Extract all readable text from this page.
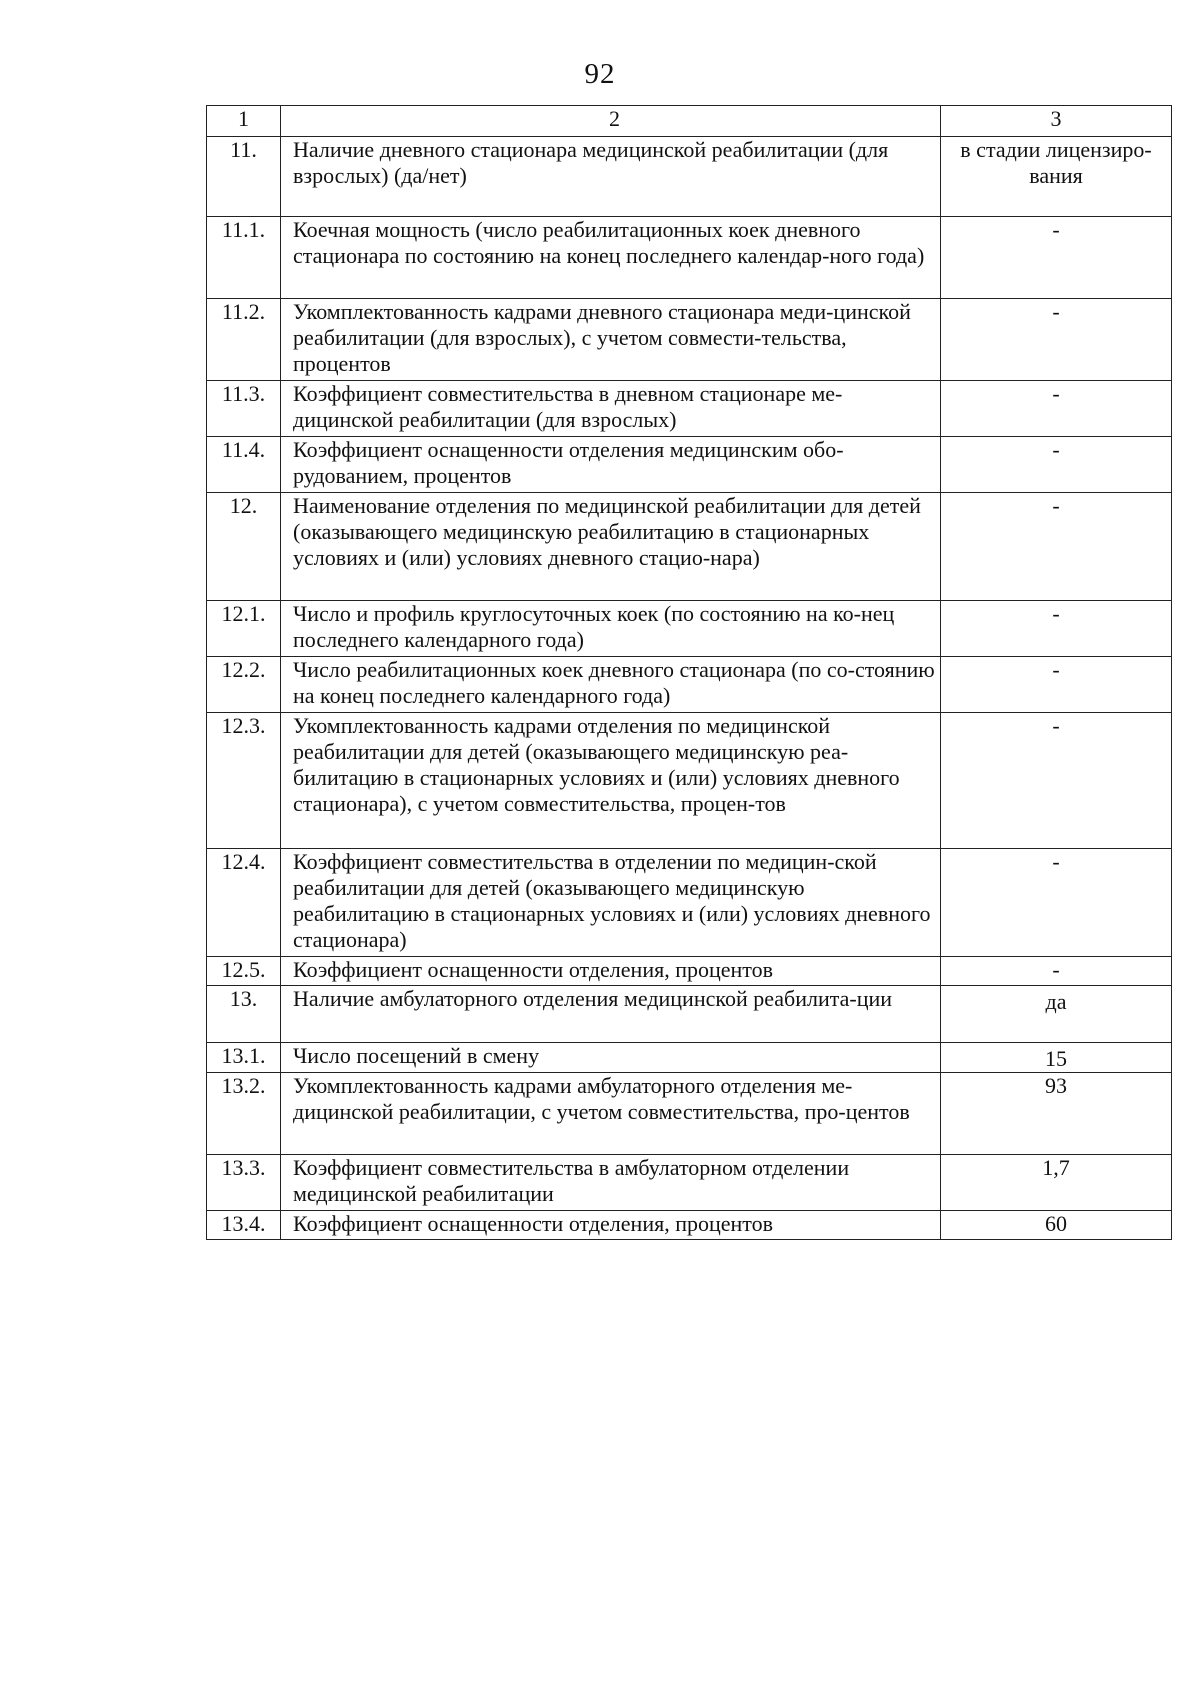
92
1	2	3
11.	Наличие дневного стационара медицинской реабилитации (для взрослых) (да/нет)	в стадии лицензиро-вания
11.1.	Коечная мощность (число реабилитационных коек дневного стационара по состоянию на конец последнего календар-ного года)	-
11.2.	Укомплектованность кадрами дневного стационара меди-цинской реабилитации (для взрослых), с учетом совмести-тельства, процентов	-
11.3.	Коэффициент совместительства в дневном стационаре ме-дицинской реабилитации (для взрослых)	-
11.4.	Коэффициент оснащенности отделения медицинским обо-рудованием, процентов	-
12.	Наименование отделения по медицинской реабилитации для детей (оказывающего медицинскую реабилитацию в стационарных условиях и (или) условиях дневного стацио-нара)	-
12.1.	Число и профиль круглосуточных коек (по состоянию на ко-нец последнего календарного года)	-
12.2.	Число реабилитационных коек дневного стационара (по со-стоянию на конец последнего календарного года)	-
12.3.	Укомплектованность кадрами отделения по медицинской реабилитации для детей (оказывающего медицинскую реа-билитацию в стационарных условиях и (или) условиях дневного стационара), с учетом совместительства, процен-тов	-
12.4.	Коэффициент совместительства в отделении по медицин-ской реабилитации для детей (оказывающего медицинскую реабилитацию в стационарных условиях и (или) условиях дневного стационара)	-
12.5.	Коэффициент оснащенности отделения, процентов	-
13.	Наличие амбулаторного отделения медицинской реабилита-ции	да
13.1.	Число посещений в смену	15
13.2.	Укомплектованность кадрами амбулаторного отделения ме-дицинской реабилитации, с учетом совместительства, про-центов	93
13.3.	Коэффициент совместительства в амбулаторном отделении медицинской реабилитации	1,7
13.4.	Коэффициент оснащенности отделения, процентов	60
